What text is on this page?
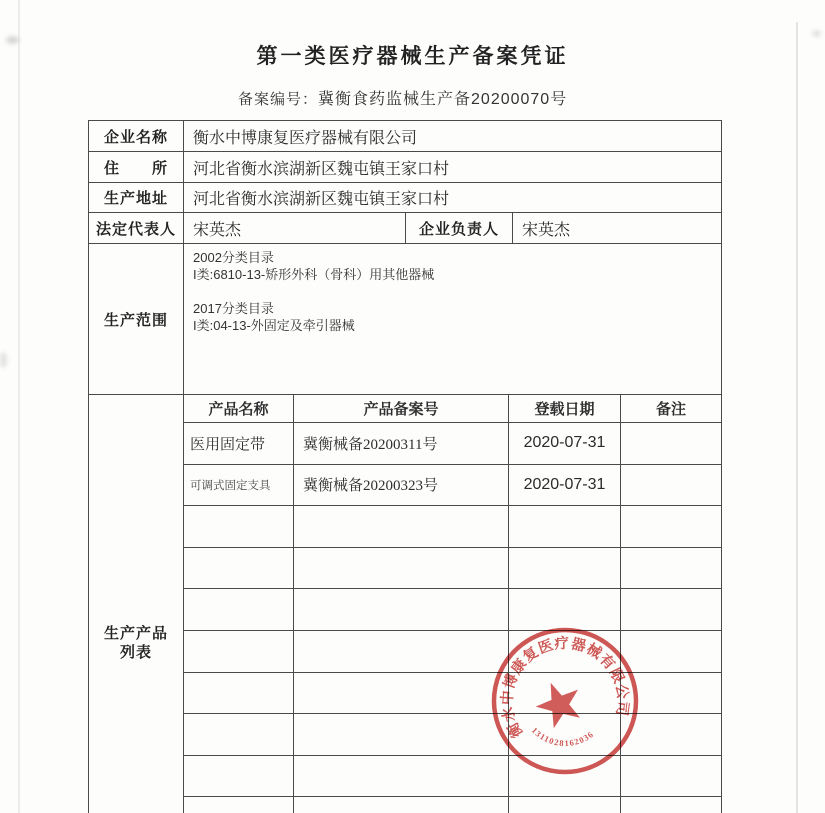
第一类医疗器械生产备案凭证
备案编号：冀衡食药监械生产备20200070号
企业名称	衡水中博康复医疗器械有限公司
住　　所	河北省衡水滨湖新区魏屯镇王家口村
生产地址	河北省衡水滨湖新区魏屯镇王家口村
法定代表人	宋英杰	企业负责人	宋英杰
生产范围
2002分类目录
I类:6810-13-矫形外科（骨科）用其他器械
2017分类目录
I类:04-13-外固定及牵引器械
生产产品
列表
产品名称	产品备案号	登载日期	备注
医用固定带	冀衡械备20200311号	2020-07-31
可调式固定支具	冀衡械备20200323号	2020-07-31
衡水中博康复医疗器械有限公司
1311028162036
